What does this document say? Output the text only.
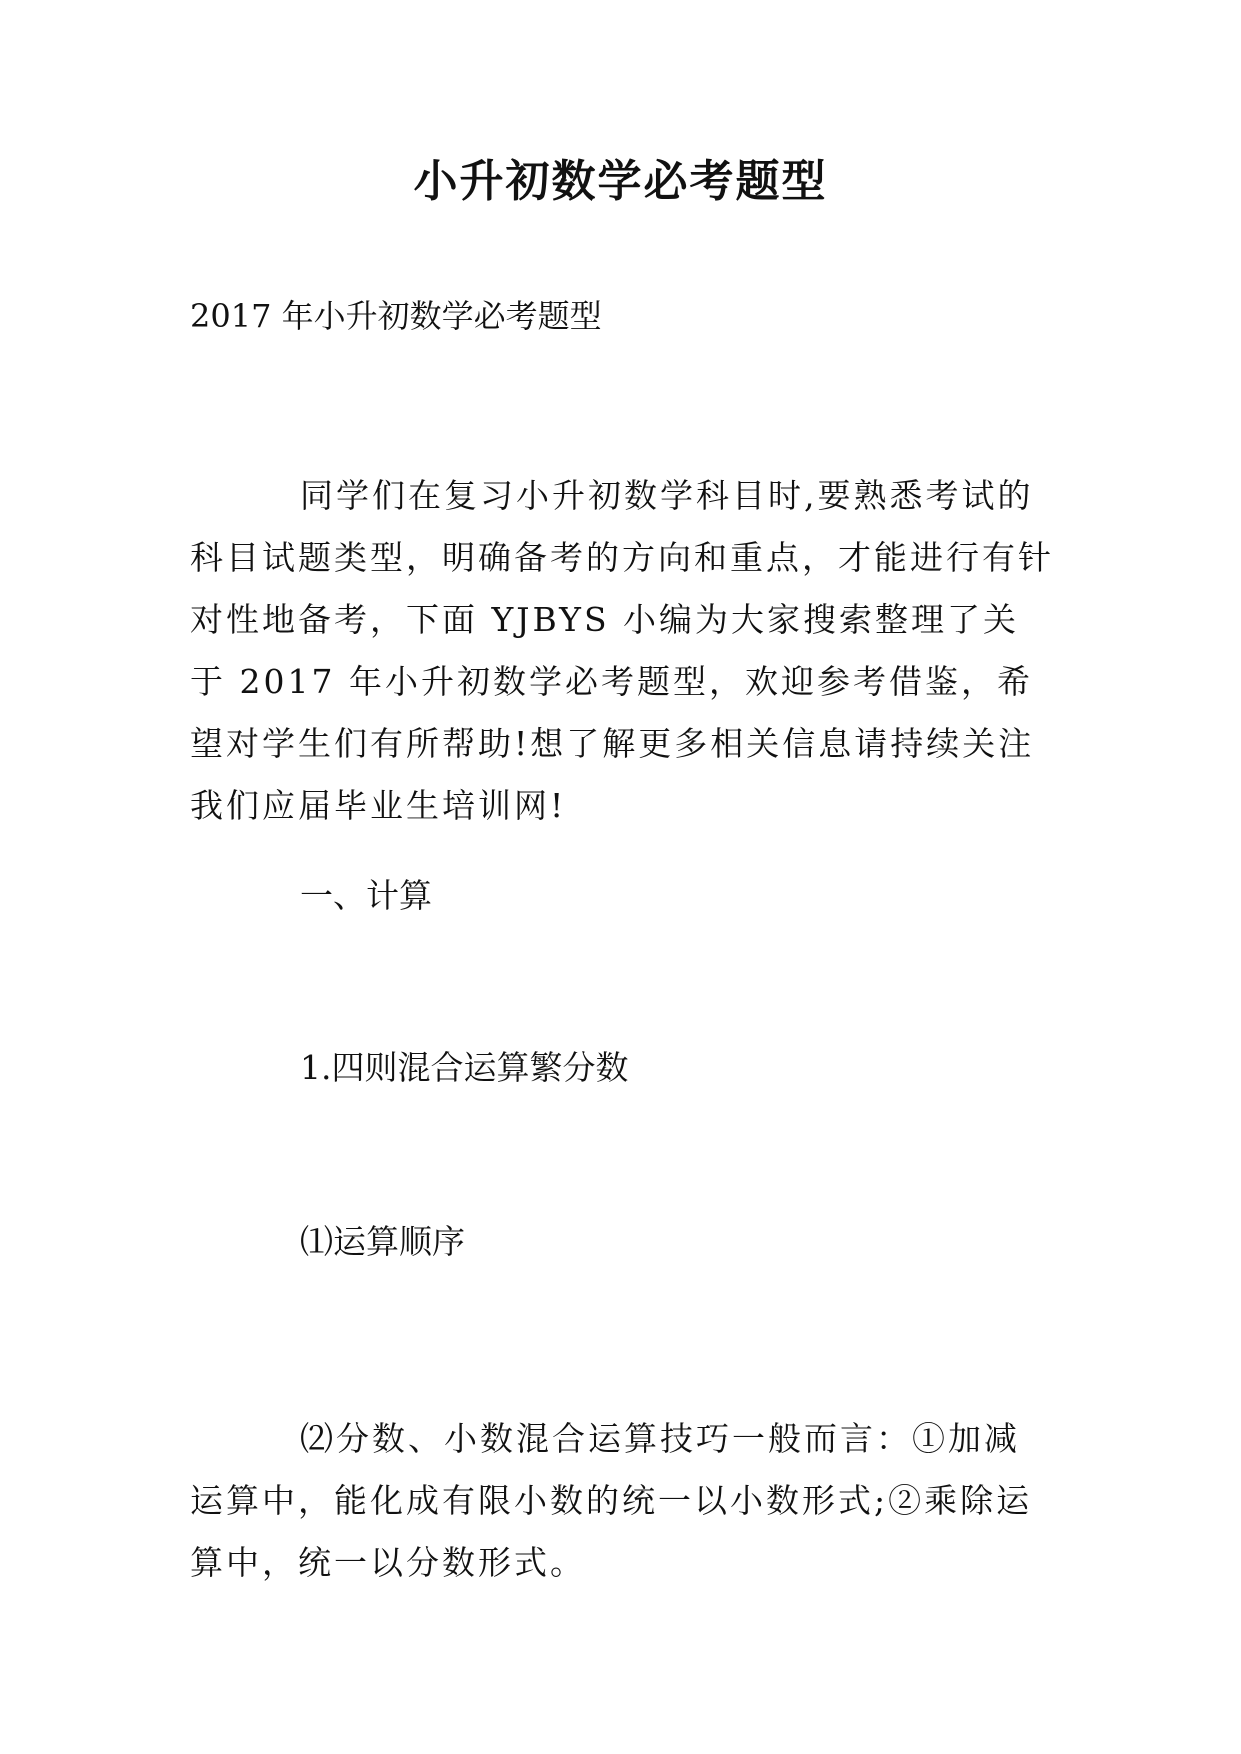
小升初数学必考题型
2017 年小升初数学必考题型
同学们在复习小升初数学科目时,要熟悉考试的科目试题类型，明确备考的方向和重点，才能进行有针对性地备考，下面 YJBYS 小编为大家搜索整理了关于 2017 年小升初数学必考题型，欢迎参考借鉴，希望对学生们有所帮助!想了解更多相关信息请持续关注我们应届毕业生培训网!
一、计算
1.四则混合运算繁分数
⑴运算顺序
⑵分数、小数混合运算技巧一般而言：①加减运算中，能化成有限小数的统一以小数形式;②乘除运算中，统一以分数形式。
